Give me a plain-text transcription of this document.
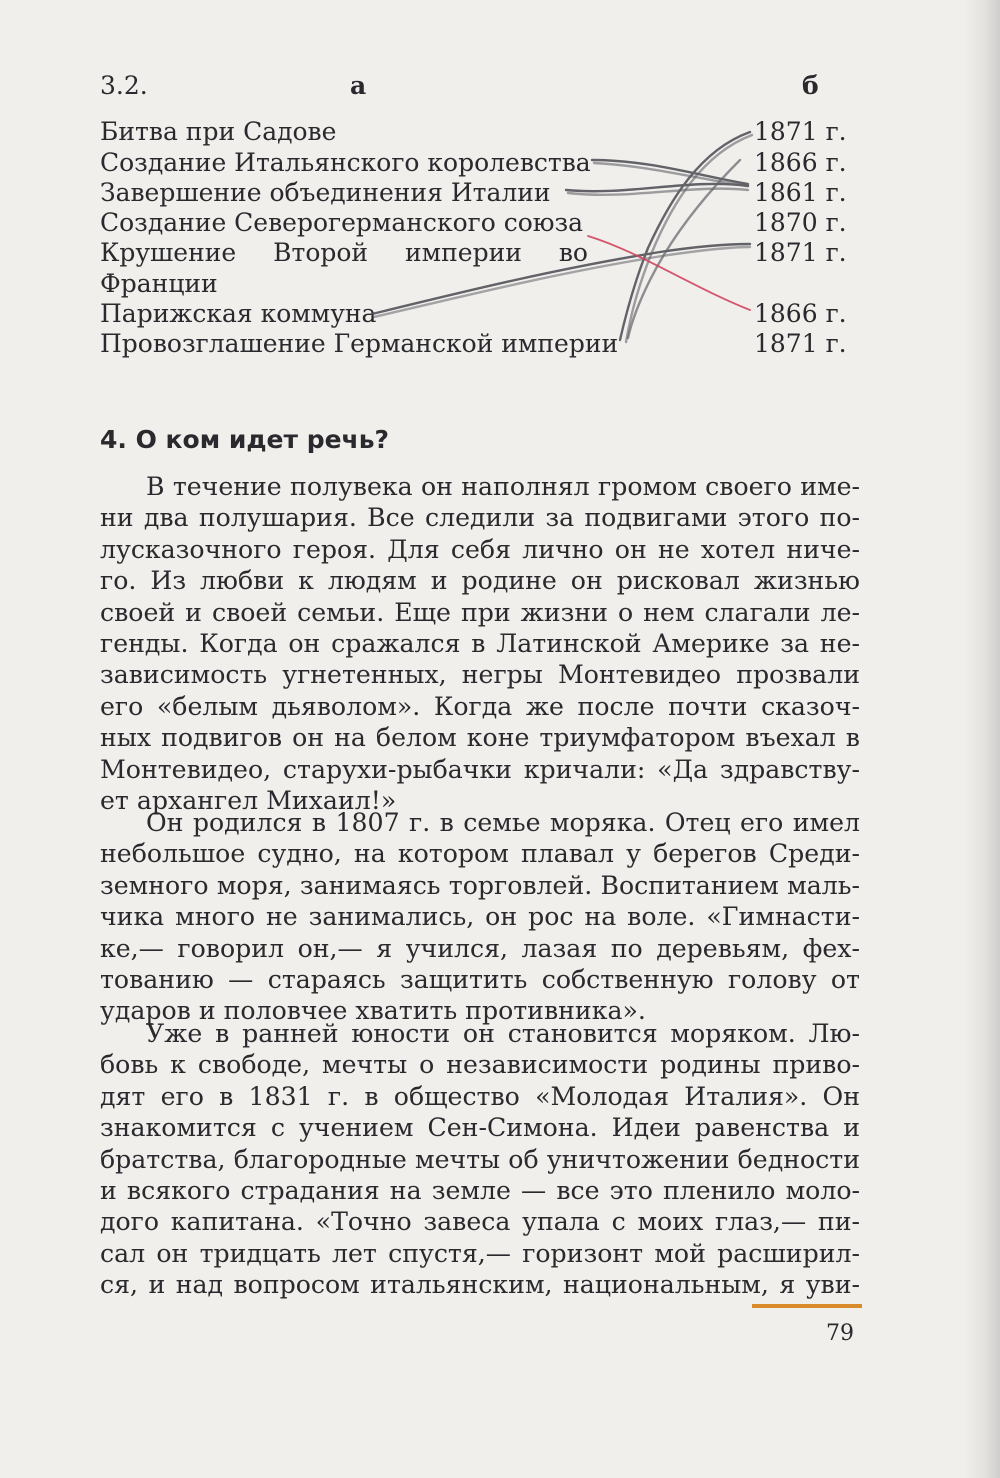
3.2.	а	б
Битва при Садове
Создание Итальянского королевства
Завершение объединения Италии
Создание Северогерманского союза
Крушение Второй империи во
Франции
Парижская коммуна
Провозглашение Германской империи
1871 г.
1866 г.
1861 г.
1870 г.
1871 г.
1866 г.
1871 г.
4. О ком идет речь?
В течение полувека он наполнял громом своего име-
ни два полушария. Все следили за подвигами этого по-
лусказочного героя. Для себя лично он не хотел ниче-
го. Из любви к людям и родине он рисковал жизнью
своей и своей семьи. Еще при жизни о нем слагали ле-
генды. Когда он сражался в Латинской Америке за не-
зависимость угнетенных, негры Монтевидео прозвали
его «белым дьяволом». Когда же после почти сказоч-
ных подвигов он на белом коне триумфатором въехал в
Монтевидео, старухи-рыбачки кричали: «Да здравству-
ет архангел Михаил!»
Он родился в 1807 г. в семье моряка. Отец его имел
небольшое судно, на котором плавал у берегов Среди-
земного моря, занимаясь торговлей. Воспитанием маль-
чика много не занимались, он рос на воле. «Гимнасти-
ке,— говорил он,— я учился, лазая по деревьям, фех-
тованию — стараясь защитить собственную голову от
ударов и половчее хватить противника».
Уже в ранней юности он становится моряком. Лю-
бовь к свободе, мечты о независимости родины приво-
дят его в 1831 г. в общество «Молодая Италия». Он
знакомится с учением Сен-Симона. Идеи равенства и
братства, благородные мечты об уничтожении бедности
и всякого страдания на земле — все это пленило моло-
дого капитана. «Точно завеса упала с моих глаз,— пи-
сал он тридцать лет спустя,— горизонт мой расширил-
ся, и над вопросом итальянским, национальным, я уви-
79
